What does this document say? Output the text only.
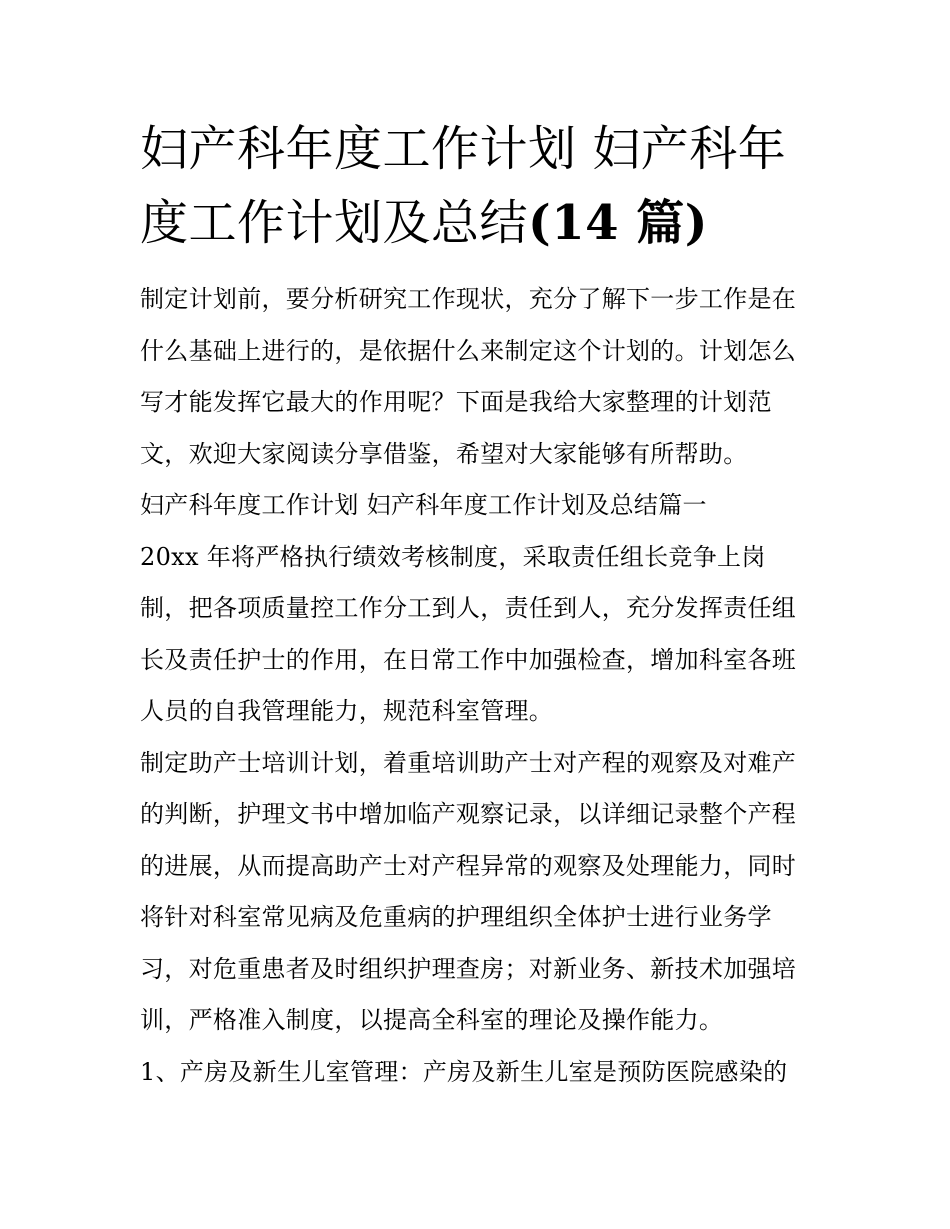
妇产科年度工作计划 妇产科年
度工作计划及总结(14 篇)

制定计划前，要分析研究工作现状，充分了解下一步工作是在
什么基础上进行的，是依据什么来制定这个计划的。计划怎么
写才能发挥它最大的作用呢？下面是我给大家整理的计划范
文，欢迎大家阅读分享借鉴，希望对大家能够有所帮助。

妇产科年度工作计划 妇产科年度工作计划及总结篇一

20xx 年将严格执行绩效考核制度，采取责任组长竞争上岗
制，把各项质量控工作分工到人，责任到人，充分发挥责任组
长及责任护士的作用，在日常工作中加强检查，增加科室各班
人员的自我管理能力，规范科室管理。

制定助产士培训计划，着重培训助产士对产程的观察及对难产
的判断，护理文书中增加临产观察记录，以详细记录整个产程
的进展，从而提高助产士对产程异常的观察及处理能力，同时
将针对科室常见病及危重病的护理组织全体护士进行业务学
习，对危重患者及时组织护理查房；对新业务、新技术加强培
训，严格准入制度，以提高全科室的理论及操作能力。

1、产房及新生儿室管理：产房及新生儿室是预防医院感染的
